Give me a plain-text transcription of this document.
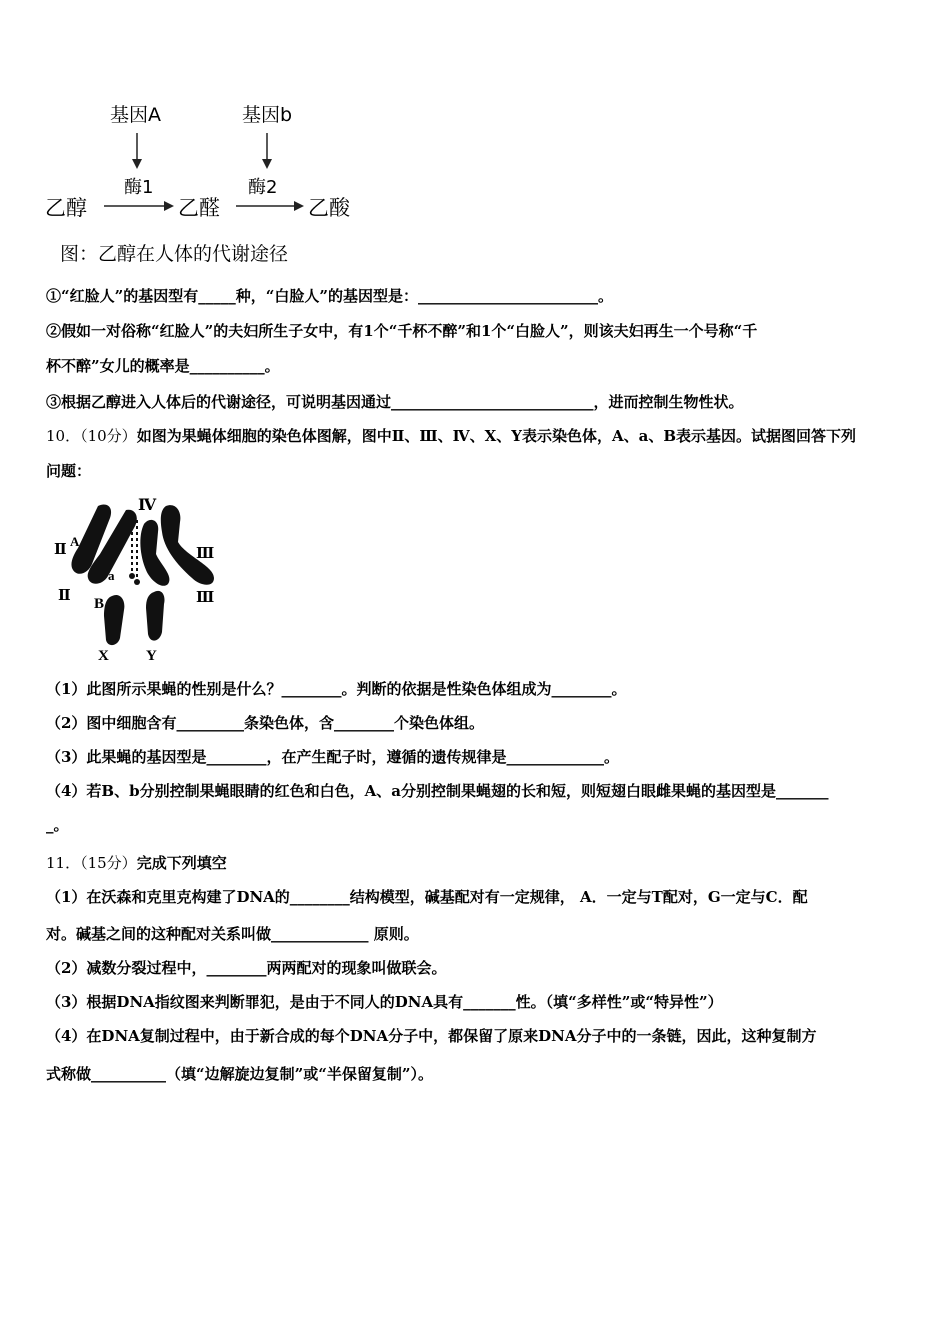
基因A	基因b
酶1	酶2
乙醇	乙醛	乙酸
图：乙醇在人体的代谢途径
①“红脸人”的基因型有_____种，“白脸人”的基因型是：________________________。
②假如一对俗称“红脸人”的夫妇所生子女中，有1个“千杯不醉”和1个“白脸人”，则该夫妇再生一个号称“千
杯不醉”女儿的概率是__________。
③根据乙醇进入人体后的代谢途径，可说明基因通过___________________________，进而控制生物性状。
10．（10分）如图为果蝇体细胞的染色体图解，图中Ⅱ、Ⅲ、Ⅳ、X、Y表示染色体，A、a、B表示基因。试据图回答下列
问题：
Ⅳ
Ⅱ
A
a
Ⅱ B
Ⅲ
Ⅲ
X Y
（1）此图所示果蝇的性别是什么？________。判断的依据是性染色体组成为________。
（2）图中细胞含有_________条染色体，含________个染色体组。
（3）此果蝇的基因型是________，在产生配子时，遵循的遗传规律是_____________。
（4）若B、b分别控制果蝇眼睛的红色和白色，A、a分别控制果蝇翅的长和短，则短翅白眼雌果蝇的基因型是_______
_。
11．（15分）完成下列填空
（1）在沃森和克里克构建了DNA的________结构模型，碱基配对有一定规律， A．一定与T配对，G一定与C．配
对。碱基之间的这种配对关系叫做_____________ 原则。
（2）减数分裂过程中，________两两配对的现象叫做联会。
（3）根据DNA指纹图来判断罪犯，是由于不同人的DNA具有_______性。（填“多样性”或“特异性”）
（4）在DNA复制过程中，由于新合成的每个DNA分子中，都保留了原来DNA分子中的一条链，因此，这种复制方
式称做__________（填“边解旋边复制”或“半保留复制”）。
